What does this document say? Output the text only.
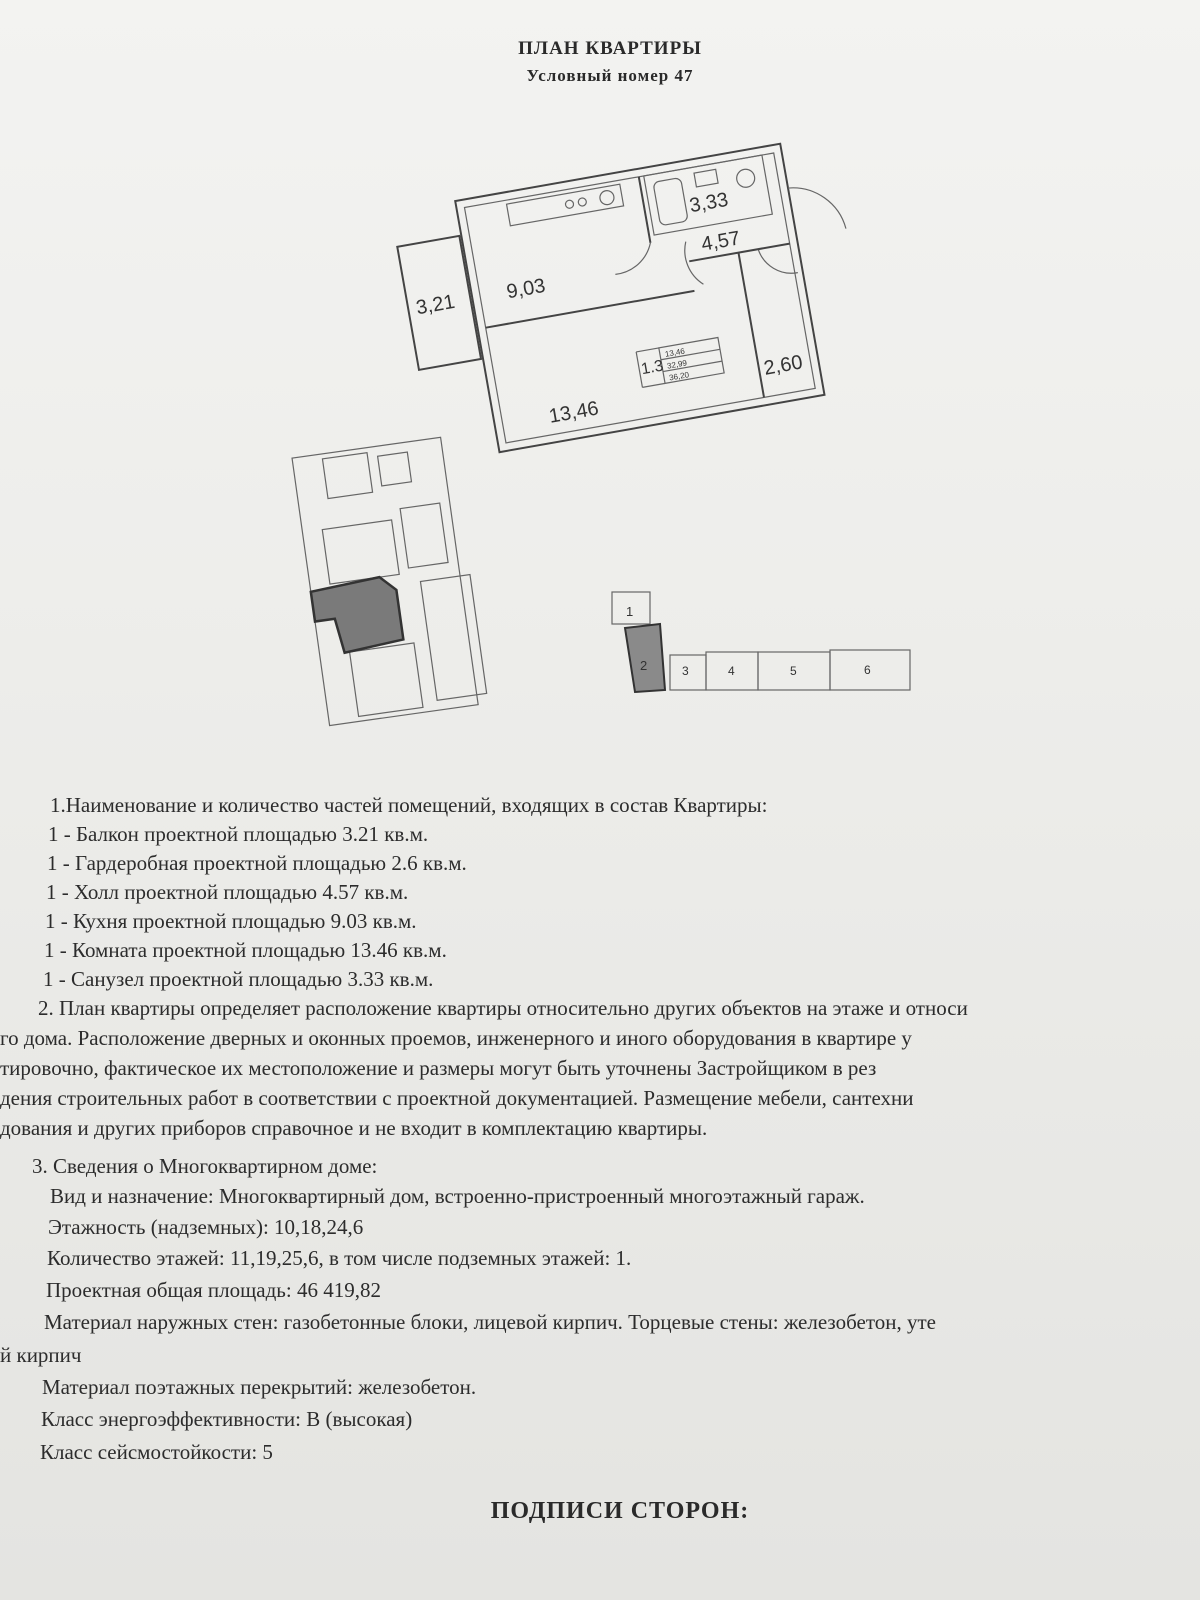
ПЛАН КВАРТИРЫ
Условный номер 47
3,21
9,03
3,33
4,57
2,60
13,46
1.3
13,46
32,99
36,20
1
2	3	4	5	6
1.Наименование и количество частей помещений, входящих в состав Квартиры:
1 - Балкон проектной площадью 3.21 кв.м.
1 - Гардеробная проектной площадью 2.6 кв.м.
1 - Холл проектной площадью 4.57 кв.м.
1 - Кухня проектной площадью 9.03 кв.м.
1 - Комната проектной площадью 13.46 кв.м.
1 - Санузел проектной площадью 3.33 кв.м.
2. План квартиры определяет расположение квартиры относительно других объектов на этаже и относи
го дома. Расположение дверных и оконных проемов, инженерного и иного оборудования в квартире у
тировочно, фактическое их местоположение и размеры могут быть уточнены Застройщиком в рез
дения строительных работ в соответствии с проектной документацией. Размещение мебели, сантехни
дования и других приборов справочное и не входит в комплектацию квартиры.
3. Сведения о Многоквартирном доме:
Вид и назначение: Многоквартирный дом, встроенно-пристроенный многоэтажный гараж.
Этажность (надземных): 10,18,24,6
Количество этажей: 11,19,25,6, в том числе подземных этажей: 1.
Проектная общая площадь: 46 419,82
Материал наружных стен: газобетонные блоки, лицевой кирпич. Торцевые стены: железобетон, уте
й кирпич
Материал поэтажных перекрытий: железобетон.
Класс энергоэффективности: В (высокая)
Класс сейсмостойкости: 5
ПОДПИСИ СТОРОН:
